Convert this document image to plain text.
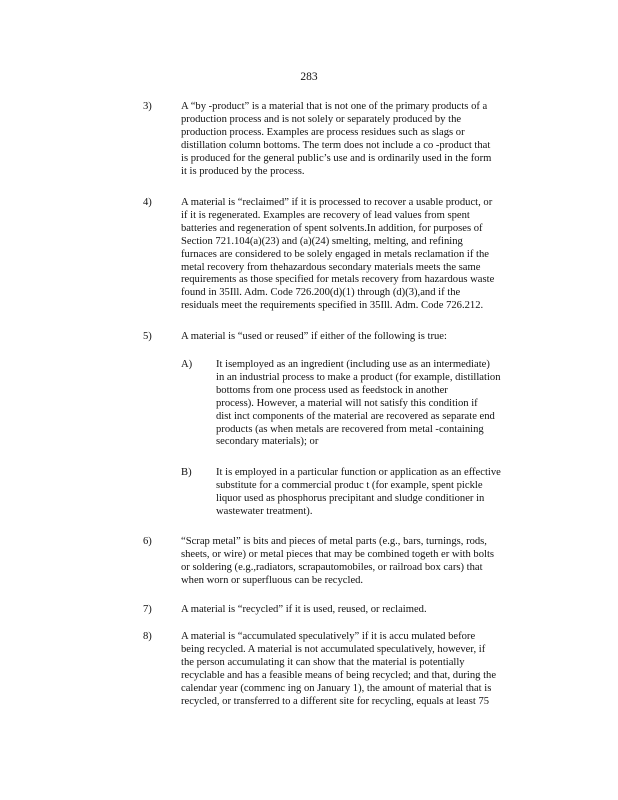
283
3)	A “by -product” is a material that is not one of the primary products of a
production process and is not solely or separately produced by the
production process. Examples are process residues such as slags or
distillation column bottoms. The term does not include a co -product that
is produced for the general public’s use and is ordinarily used in the form
it is produced by the process.
4)	A material is “reclaimed” if it is processed to recover a usable product, or
if it is regenerated. Examples are recovery of lead values from spent
batteries and regeneration of spent solvents.In addition, for purposes of
Section 721.104(a)(23) and (a)(24) smelting, melting, and refining
furnaces are considered to be solely engaged in metals reclamation if the
metal recovery from thehazardous secondary materials meets the same
requirements as those specified for metals recovery from hazardous waste
found in 35Ill. Adm. Code 726.200(d)(1) through (d)(3),and if the
residuals meet the requirements specified in 35Ill. Adm. Code 726.212.
5)	A material is “used or reused” if either of the following is true:
A) It isemployed as an ingredient (including use as an intermediate)
in an industrial process to make a product (for example, distillation
bottoms from one process used as feedstock in another
process). However, a material will not satisfy this condition if
dist inct components of the material are recovered as separate end
products (as when metals are recovered from metal -containing
secondary materials); or
B) It is employed in a particular function or application as an effective
substitute for a commercial produc t (for example, spent pickle
liquor used as phosphorus precipitant and sludge conditioner in
wastewater treatment).
6)	“Scrap metal” is bits and pieces of metal parts (e.g., bars, turnings, rods,
sheets, or wire) or metal pieces that may be combined togeth er with bolts
or soldering (e.g.,radiators, scrapautomobiles, or railroad box cars) that
when worn or superfluous can be recycled.
7)	A material is “recycled” if it is used, reused, or reclaimed.
8)	A material is “accumulated speculatively” if it is accu mulated before
being recycled. A material is not accumulated speculatively, however, if
the person accumulating it can show that the material is potentially
recyclable and has a feasible means of being recycled; and that, during the
calendar year (commenc ing on January 1), the amount of material that is
recycled, or transferred to a different site for recycling, equals at least 75
